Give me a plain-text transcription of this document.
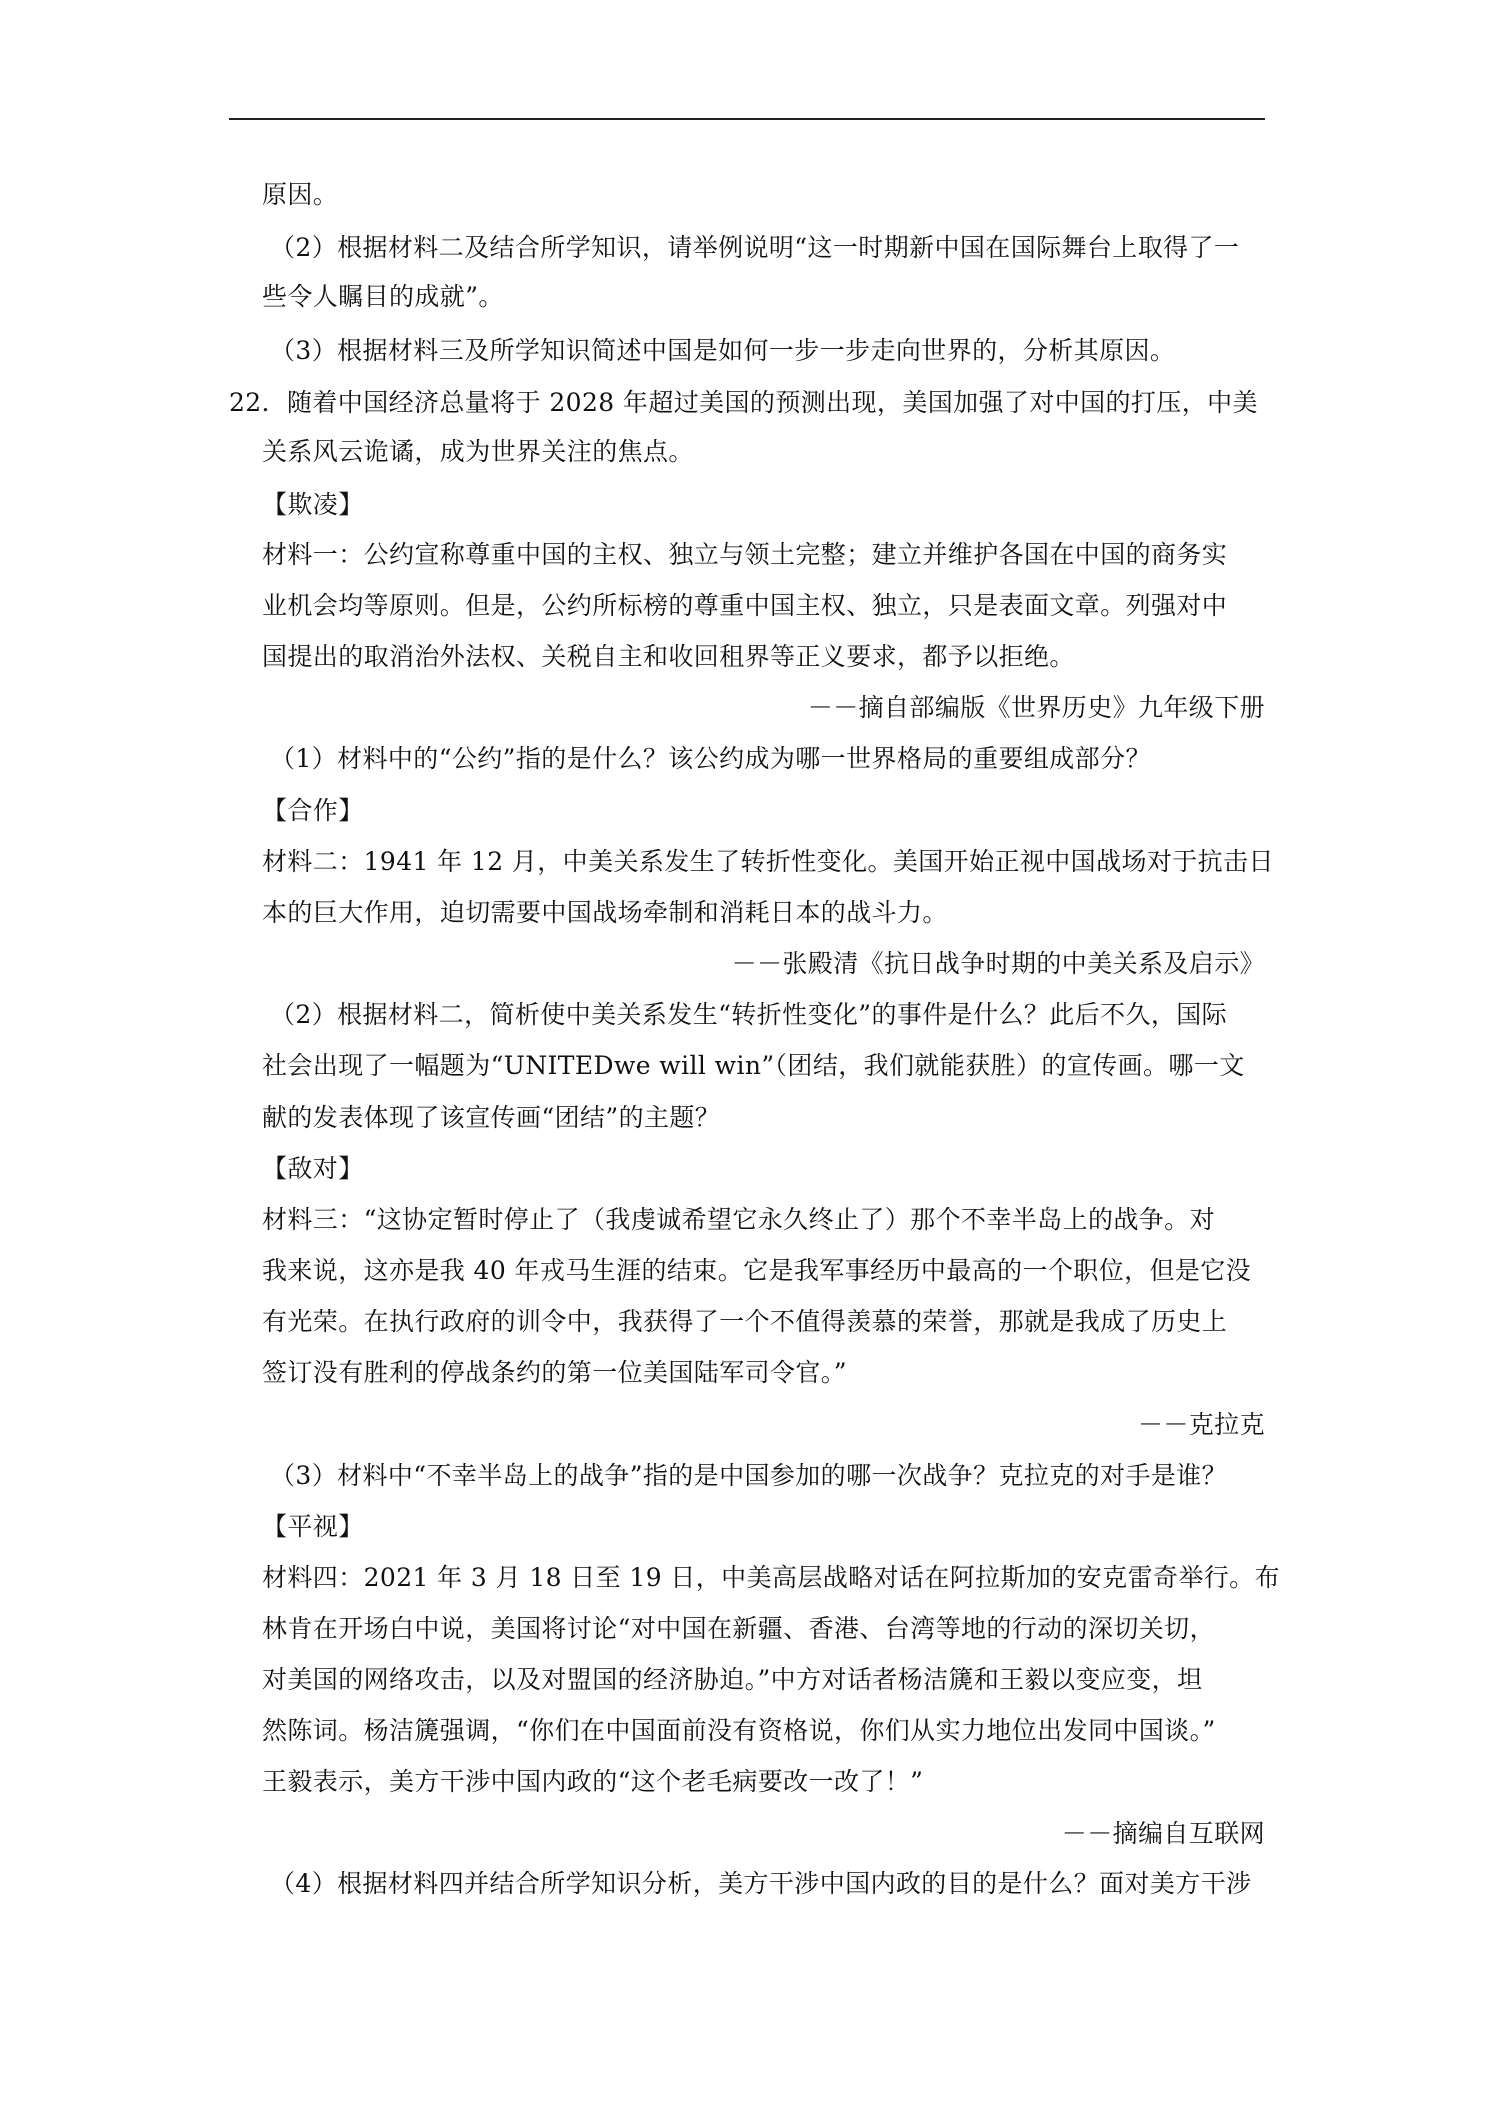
原因。
（2）根据材料二及结合所学知识，请举例说明“这一时期新中国在国际舞台上取得了一
些令人瞩目的成就”。
（3）根据材料三及所学知识简述中国是如何一步一步走向世界的，分析其原因。
22．随着中国经济总量将于 2028 年超过美国的预测出现，美国加强了对中国的打压，中美
关系风云诡谲，成为世界关注的焦点。
【欺凌】
材料一：公约宣称尊重中国的主权、独立与领土完整；建立并维护各国在中国的商务实
业机会均等原则。但是，公约所标榜的尊重中国主权、独立，只是表面文章。列强对中
国提出的取消治外法权、关税自主和收回租界等正义要求，都予以拒绝。
－－摘自部编版《世界历史》九年级下册
（1）材料中的“公约”指的是什么？该公约成为哪一世界格局的重要组成部分？
【合作】
材料二：1941 年 12 月，中美关系发生了转折性变化。美国开始正视中国战场对于抗击日
本的巨大作用，迫切需要中国战场牵制和消耗日本的战斗力。
－－张殿清《抗日战争时期的中美关系及启示》
（2）根据材料二，简析使中美关系发生“转折性变化”的事件是什么？此后不久，国际
社会出现了一幅题为“UNITEDwe will win”（团结，我们就能获胜）的宣传画。哪一文
献的发表体现了该宣传画“团结”的主题？
【敌对】
材料三：“这协定暂时停止了（我虔诚希望它永久终止了）那个不幸半岛上的战争。对
我来说，这亦是我 40 年戎马生涯的结束。它是我军事经历中最高的一个职位，但是它没
有光荣。在执行政府的训令中，我获得了一个不值得羡慕的荣誉，那就是我成了历史上
签订没有胜利的停战条约的第一位美国陆军司令官。”
－－克拉克
（3）材料中“不幸半岛上的战争”指的是中国参加的哪一次战争？克拉克的对手是谁？
【平视】
材料四：2021 年 3 月 18 日至 19 日，中美高层战略对话在阿拉斯加的安克雷奇举行。布
林肯在开场白中说，美国将讨论“对中国在新疆、香港、台湾等地的行动的深切关切，
对美国的网络攻击，以及对盟国的经济胁迫。”中方对话者杨洁篪和王毅以变应变，坦
然陈词。杨洁篪强调，“你们在中国面前没有资格说，你们从实力地位出发同中国谈。”
王毅表示，美方干涉中国内政的“这个老毛病要改一改了！”
－－摘编自互联网
（4）根据材料四并结合所学知识分析，美方干涉中国内政的目的是什么？面对美方干涉
